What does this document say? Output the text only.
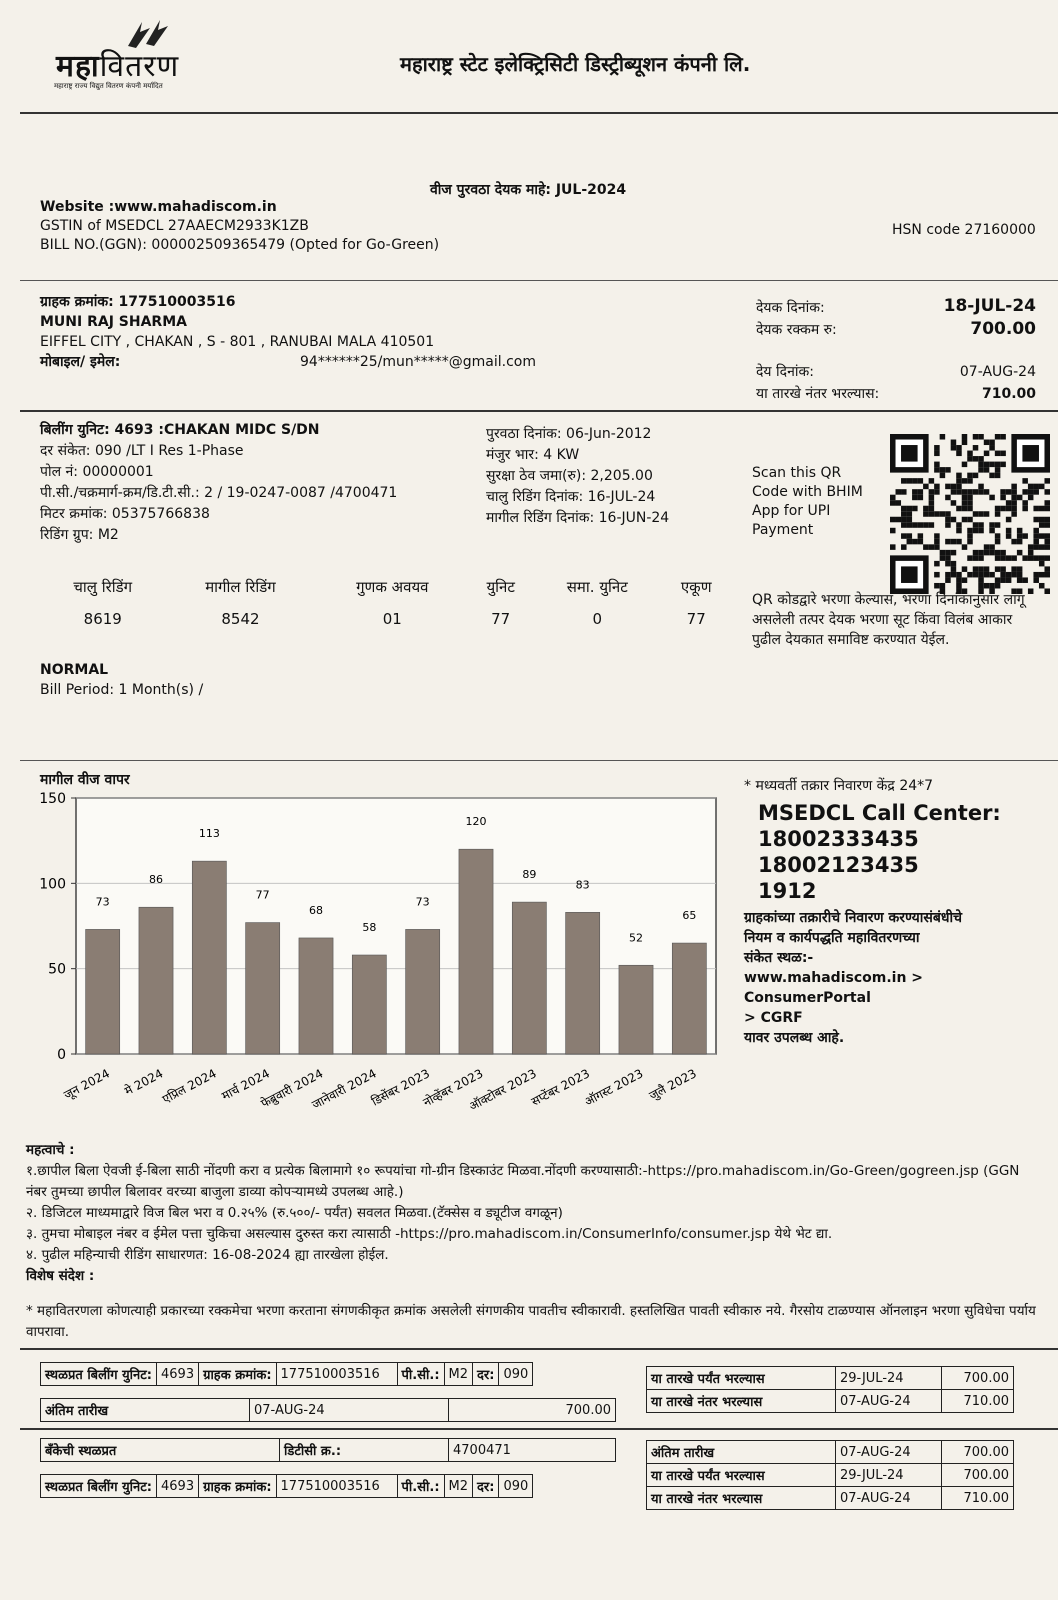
महावितरण
महाराष्ट्र राज्य विद्युत वितरण कंपनी मर्यादित
महाराष्ट्र स्टेट इलेक्ट्रिसिटी डिस्ट्रीब्यूशन कंपनी लि.
वीज पुरवठा देयक माहे: JUL-2024
Website :www.mahadiscom.in
GSTIN of MSEDCL 27AAECM2933K1ZB
BILL NO.(GGN): 000002509365479 (Opted for Go-Green)
HSN code 27160000
ग्राहक क्रमांक: 177510003516
MUNI RAJ SHARMA
EIFFEL CITY , CHAKAN , S - 801 , RANUBAI MALA 410501
मोबाइल/ इमेल:	94******25/mun*****@gmail.com
देयक दिनांक:	18-JUL-24
देयक रक्कम रु:	700.00
देय दिनांक:	07-AUG-24
या तारखे नंतर भरल्यास:	710.00
बिलींग युनिट: 4693 :CHAKAN MIDC S/DN
दर संकेत: 090 /LT I Res 1-Phase
पोल नं: 00000001
पी.सी./चक्रमार्ग-क्रम/डि.टी.सी.: 2 / 19-0247-0087 /4700471
मिटर क्रमांक: 05375766838
रिडिंग ग्रुप: M2
पुरवठा दिनांक: 06-Jun-2012
मंजुर भार: 4 KW
सुरक्षा ठेव जमा(रु): 2,205.00
चालु रिडिंग दिनांक: 16-JUL-24
मागील रिडिंग दिनांक: 16-JUN-24
Scan this QR Code with BHIM App for UPI Payment
QR कोडद्वारे भरणा केल्यास, भरणा दिनांकानुसार लागू असलेली तत्पर देयक भरणा सूट किंवा विलंब आकार पुढील देयकात समाविष्ट करण्यात येईल.
चालु रिडिंग	मागील रिडिंग	गुणक अवयव	युनिट	समा. युनिट	एकूण
8619	8542	01	77	0	77
NORMAL
Bill Period: 1 Month(s) /
मागील वीज वापर
0
50
100
150
73
जून 2024
86
मे 2024
113
एप्रिल 2024
77
मार्च 2024
68
फेब्रुवारी 2024
58
जानेवारी 2024
73
डिसेंबर 2023
120
नोव्हेंबर 2023
89
ऑक्टोबर 2023
83
सप्टेंबर 2023
52
ऑगस्ट 2023
65
जुलै 2023
* मध्यवर्ती तक्रार निवारण केंद्र 24*7
MSEDCL Call Center:
18002333435
18002123435
1912
ग्राहकांच्या तक्रारीचे निवारण करण्यासंबंधीचे
नियम व कार्यपद्धति महावितरणच्या
संकेत स्थळ:-
www.mahadiscom.in > ConsumerPortal
> CGRF
यावर उपलब्ध आहे.
महत्वाचे :
१.छापील बिला ऐवजी ई-बिला साठी नोंदणी करा व प्रत्येक बिलामागे १० रूपयांचा गो-ग्रीन डिस्काउंट मिळवा.नोंदणी करण्यासाठी:-https://pro.mahadiscom.in/Go-Green/gogreen.jsp (GGN नंबर तुमच्या छापील बिलावर वरच्या बाजुला डाव्या कोपऱ्यामध्ये उपलब्ध आहे.)
२. डिजिटल माध्यमाद्वारे विज बिल भरा व 0.२५% (रु.५००/- पर्यंत) सवलत मिळवा.(टॅक्सेस व ड्यूटीज वगळून)
३. तुमचा मोबाइल नंबर व ईमेल पत्ता चुकिचा असल्यास दुरुस्त करा त्यासाठी -https://pro.mahadiscom.in/ConsumerInfo/consumer.jsp येथे भेट द्या.
४. पुढील महिन्याची रीडिंग साधारणत: 16-08-2024 ह्या तारखेला होईल.
विशेष संदेश :
* महावितरणला कोणत्याही प्रकारच्या रक्कमेचा भरणा करताना संगणकीकृत क्रमांक असलेली संगणकीय पावतीच स्वीकारावी. हस्तलिखित पावती स्वीकारु नये. गैरसोय टाळण्यास ऑनलाइन भरणा सुविधेचा पर्याय वापरावा.
स्थळप्रत बिलींग युनिट:	4693	ग्राहक क्रमांक:	177510003516	पी.सी.:	M2	दर:	090
अंतिम तारीख	07-AUG-24	700.00
या तारखे पर्यंत भरल्यास	29-JUL-24	700.00
या तारखे नंतर भरल्यास	07-AUG-24	710.00
बँकेची स्थळप्रत	डिटीसी क्र.:	4700471
स्थळप्रत बिलींग युनिट:	4693	ग्राहक क्रमांक:	177510003516	पी.सी.:	M2	दर:	090
अंतिम तारीख	07-AUG-24	700.00
या तारखे पर्यंत भरल्यास	29-JUL-24	700.00
या तारखे नंतर भरल्यास	07-AUG-24	710.00
